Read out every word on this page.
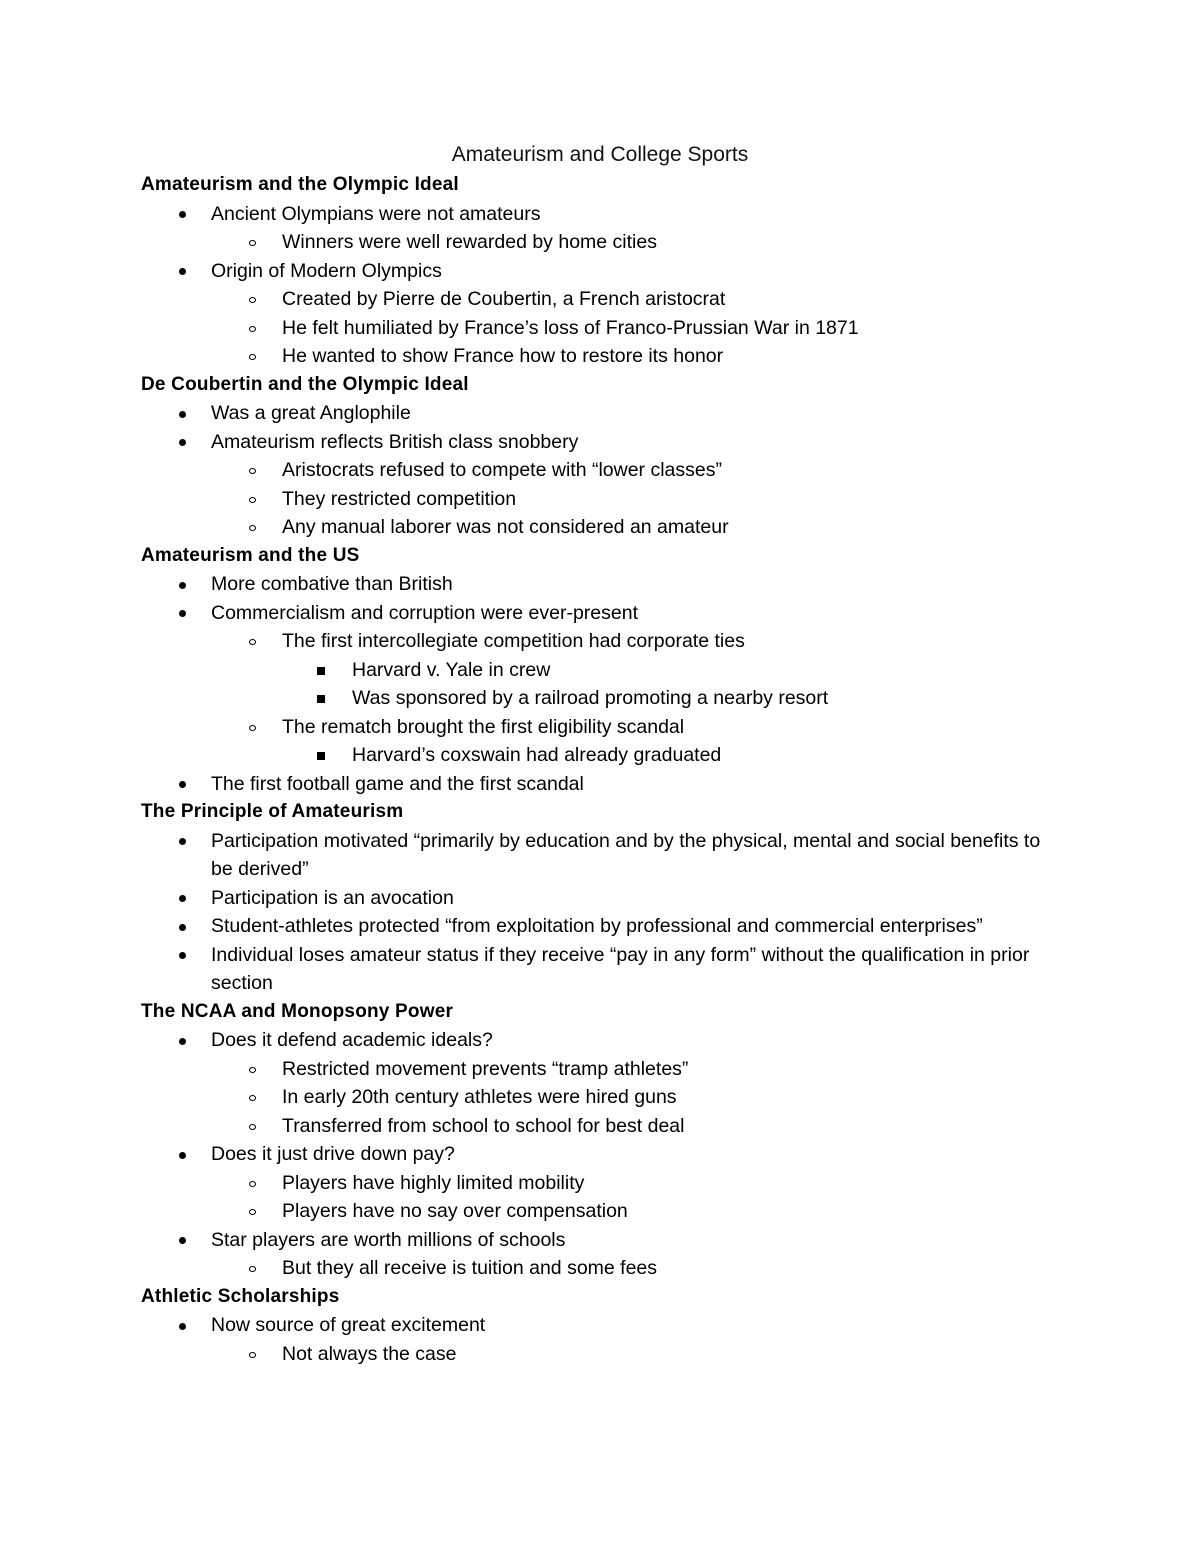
Amateurism and College Sports
Amateurism and the Olympic Ideal
Ancient Olympians were not amateurs
Winners were well rewarded by home cities
Origin of Modern Olympics
Created by Pierre de Coubertin, a French aristocrat
He felt humiliated by France’s loss of Franco-Prussian War in 1871
He wanted to show France how to restore its honor
De Coubertin and the Olympic Ideal
Was a great Anglophile
Amateurism reflects British class snobbery
Aristocrats refused to compete with “lower classes”
They restricted competition
Any manual laborer was not considered an amateur
Amateurism and the US
More combative than British
Commercialism and corruption were ever-present
The first intercollegiate competition had corporate ties
Harvard v. Yale in crew
Was sponsored by a railroad promoting a nearby resort
The rematch brought the first eligibility scandal
Harvard’s coxswain had already graduated
The first football game and the first scandal
The Principle of Amateurism
Participation motivated “primarily by education and by the physical, mental and social benefits to be derived”
Participation is an avocation
Student-athletes protected “from exploitation by professional and commercial enterprises”
Individual loses amateur status if they receive “pay in any form” without the qualification in prior section
The NCAA and Monopsony Power
Does it defend academic ideals?
Restricted movement prevents “tramp athletes”
In early 20th century athletes were hired guns
Transferred from school to school for best deal
Does it just drive down pay?
Players have highly limited mobility
Players have no say over compensation
Star players are worth millions of schools
But they all receive is tuition and some fees
Athletic Scholarships
Now source of great excitement
Not always the case
